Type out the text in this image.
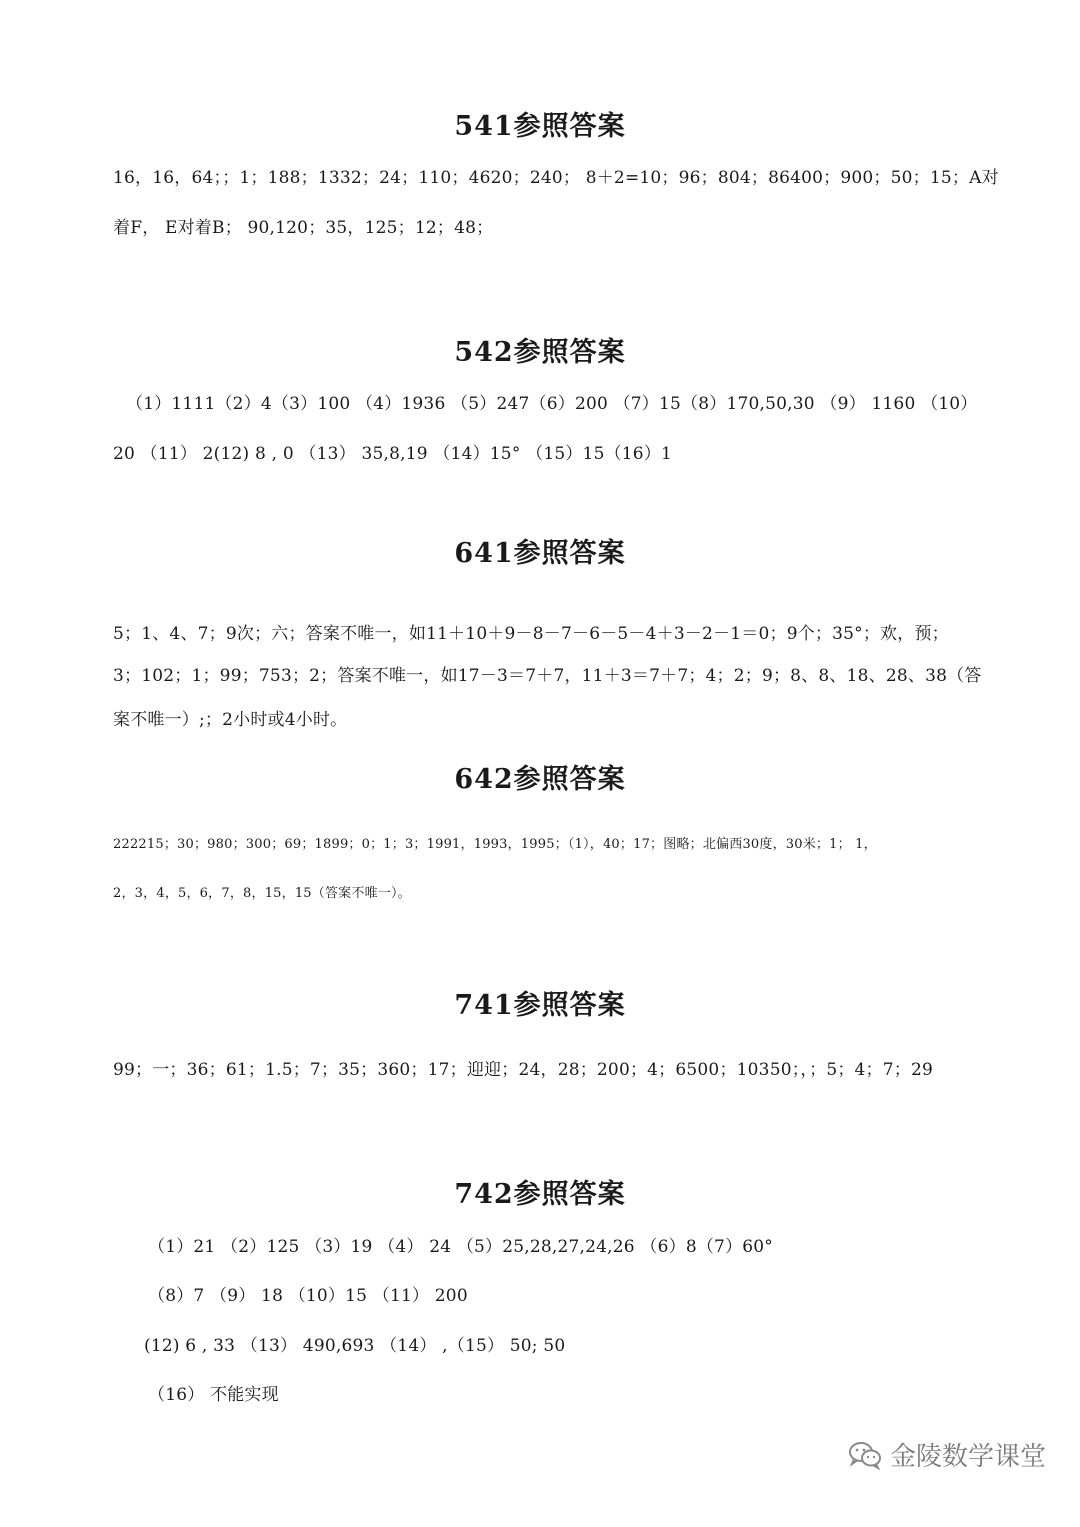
541参照答案

16，16，64；；1；188；1332；24；110；4620；240； 8＋2=10；96；804；86400；900；50；15；A对

着F， E对着B； 90,120；35，125；12；48；

542参照答案

（1）1111（2）4（3）100 （4）1936 （5）247（6）200 （7）15（8）170,50,30 （9） 1160 （10）

20 （11） 2(12) 8 , 0 （13） 35,8,19 （14）15° （15）15（16）1

641参照答案

5；1、4、7；9次；六；答案不唯一，如11＋10＋9－8－7－6－5－4＋3－2－1＝0；9个；35°；欢，预；

3；102；1；99；753；2；答案不唯一，如17－3＝7＋7，11＋3＝7＋7；4；2；9；8、8、18、28、38（答

案不唯一）;；2小时或4小时。

642参照答案

222215；30；980；300；69；1899；0；1；3；1991，1993，1995；（1），40；17；图略；北偏西30度，30米；1； 1，

2，3，4，5，6，7，8，15，15（答案不唯一）。

741参照答案

99；一；36；61；1.5；7；35；360；17；迎迎；24，28；200；4；6500；10350；，；5；4；7；29

742参照答案

（1）21 （2）125 （3）19 （4） 24 （5）25,28,27,24,26 （6）8（7）60°

（8）7 （9） 18 （10）15 （11） 200

(12) 6 , 33 （13） 490,693 （14） ,（15） 50; 50

（16） 不能实现

金陵数学课堂
